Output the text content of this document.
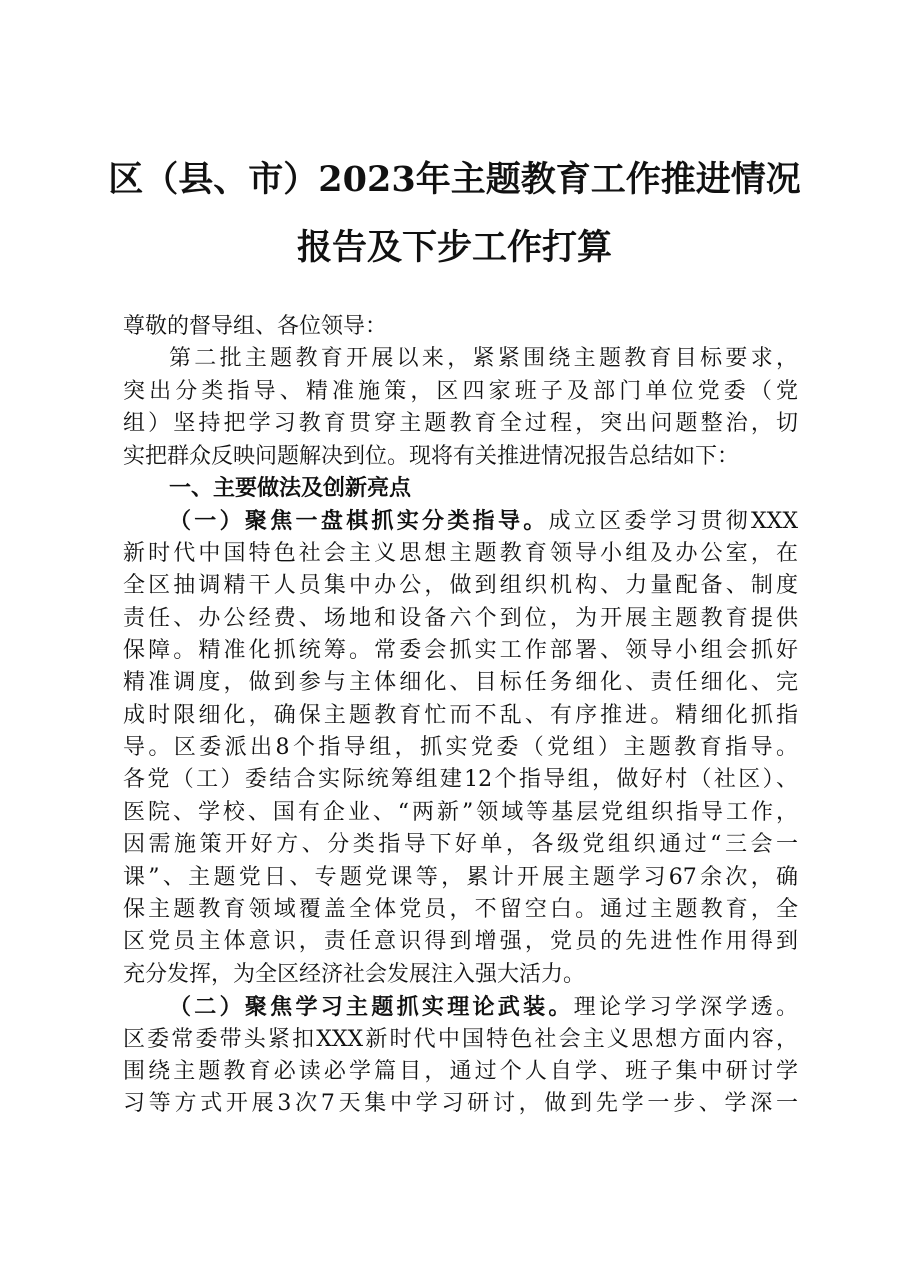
区（县、市）2023年主题教育工作推进情况
报告及下步工作打算
尊敬的督导组、各位领导：
第二批主题教育开展以来，紧紧围绕主题教育目标要求，
突出分类指导、精准施策，区四家班子及部门单位党委（党
组）坚持把学习教育贯穿主题教育全过程，突出问题整治，切
实把群众反映问题解决到位。现将有关推进情况报告总结如下：
一、主要做法及创新亮点
（一）聚焦一盘棋抓实分类指导。成立区委学习贯彻XXX
新时代中国特色社会主义思想主题教育领导小组及办公室，在
全区抽调精干人员集中办公，做到组织机构、力量配备、制度
责任、办公经费、场地和设备六个到位，为开展主题教育提供
保障。精准化抓统筹。常委会抓实工作部署、领导小组会抓好
精准调度，做到参与主体细化、目标任务细化、责任细化、完
成时限细化，确保主题教育忙而不乱、有序推进。精细化抓指
导。区委派出8个指导组，抓实党委（党组）主题教育指导。
各党（工）委结合实际统筹组建12个指导组，做好村（社区）、
医院、学校、国有企业、“两新”领域等基层党组织指导工作，
因需施策开好方、分类指导下好单，各级党组织通过“三会一
课”、主题党日、专题党课等，累计开展主题学习67余次，确
保主题教育领域覆盖全体党员，不留空白。通过主题教育，全
区党员主体意识，责任意识得到增强，党员的先进性作用得到
充分发挥，为全区经济社会发展注入强大活力。
（二）聚焦学习主题抓实理论武装。理论学习学深学透。
区委常委带头紧扣XXX新时代中国特色社会主义思想方面内容，
围绕主题教育必读必学篇目，通过个人自学、班子集中研讨学
习等方式开展3次7天集中学习研讨，做到先学一步、学深一
